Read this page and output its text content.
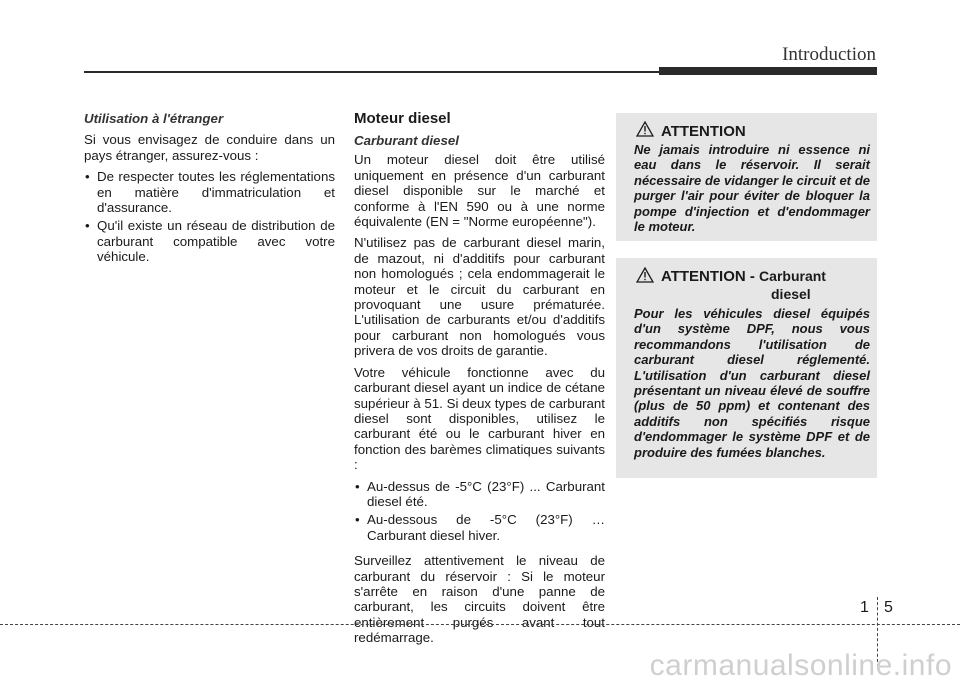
Introduction

Utilisation à l'étranger

Si vous envisagez de conduire dans un pays étranger, assurez-vous :

• De respecter toutes les réglementations en matière d'immatriculation et d'assurance.
• Qu'il existe un réseau de distribution de carburant compatible avec votre véhicule.

Moteur diesel

Carburant diesel

Un moteur diesel doit être utilisé uniquement en présence d'un carburant diesel disponible sur le marché et conforme à l'EN 590 ou à une norme équivalente (EN = "Norme européenne").

N'utilisez pas de carburant diesel marin, de mazout, ni d'additifs pour carburant non homologués ; cela endommagerait le moteur et le circuit du carburant en provoquant une usure prématurée. L'utilisation de carburants et/ou d'additifs pour carburant non homologués vous privera de vos droits de garantie.

Votre véhicule fonctionne avec du carburant diesel ayant un indice de cétane supérieur à 51. Si deux types de carburant diesel sont disponibles, utilisez le carburant été ou le carburant hiver en fonction des barèmes climatiques suivants :

• Au-dessus de -5°C (23°F) ... Carburant diesel été.
• Au-dessous de -5°C (23°F) … Carburant diesel hiver.

Surveillez attentivement le niveau de carburant du réservoir : Si le moteur s'arrête en raison d'une panne de carburant, les circuits doivent être entièrement purgés avant tout redémarrage.

ATTENTION
Ne jamais introduire ni essence ni eau dans le réservoir. Il serait nécessaire de vidanger le circuit et de purger l'air pour éviter de bloquer la pompe d'injection et d'endommager le moteur.
ATTENTION - Carburant
diesel
Pour les véhicules diesel équipés d'un système DPF, nous vous recommandons l'utilisation de carburant diesel réglementé. L'utilisation d'un carburant diesel présentant un niveau élevé de souffre (plus de 50 ppm) et contenant des additifs non spécifiés risque d'endommager le système DPF et de produire des fumées blanches.
1 5
carmanualsonline.info
